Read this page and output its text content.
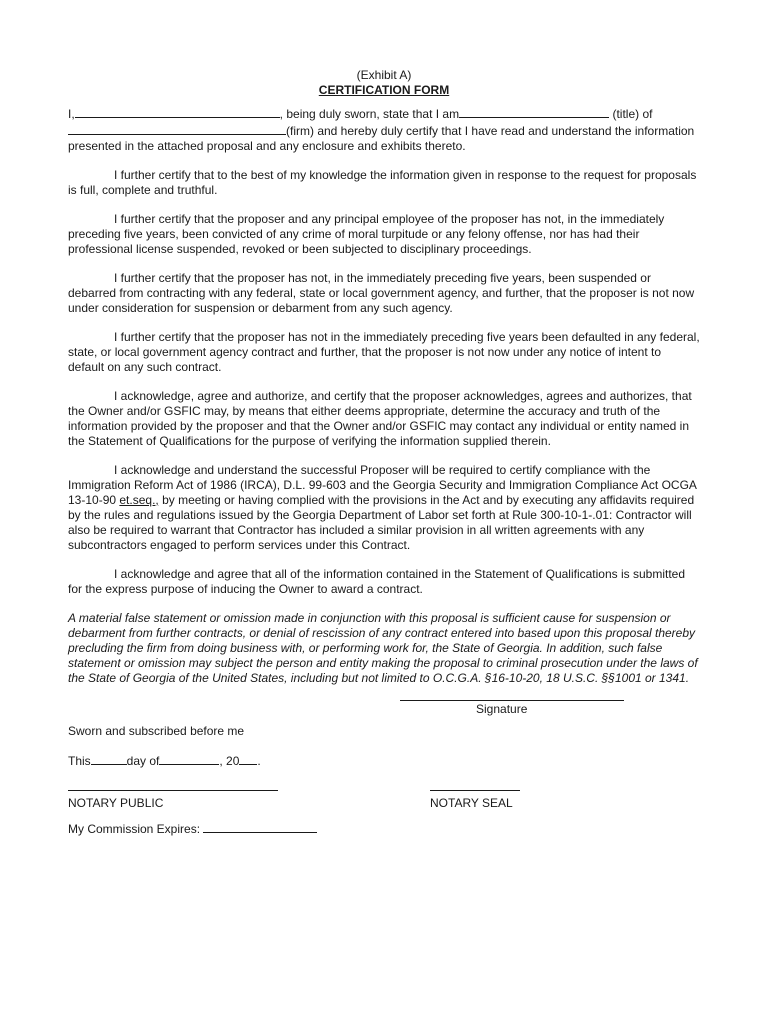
(Exhibit A)

CERTIFICATION FORM

I,	, being duly sworn, state that I am	(title) of
(firm) and hereby duly certify that I have read and understand the information presented in the attached proposal and any enclosure and exhibits thereto.

I further certify that to the best of my knowledge the information given in response to the request for proposals is full, complete and truthful.

I further certify that the proposer and any principal employee of the proposer has not, in the immediately preceding five years, been convicted of any crime of moral turpitude or any felony offense, nor has had their professional license suspended, revoked or been subjected to disciplinary proceedings.

I further certify that the proposer has not, in the immediately preceding five years, been suspended or debarred from contracting with any federal, state or local government agency, and further, that the proposer is not now under consideration for suspension or debarment from any such agency.

I further certify that the proposer has not in the immediately preceding five years been defaulted in any federal, state, or local government agency contract and further, that the proposer is not now under any notice of intent to default on any such contract.

I acknowledge, agree and authorize, and certify that the proposer acknowledges, agrees and authorizes, that the Owner and/or GSFIC may, by means that either deems appropriate, determine the accuracy and truth of the information provided by the proposer and that the Owner and/or GSFIC may contact any individual or entity named in the Statement of Qualifications for the purpose of verifying the information supplied therein.

I acknowledge and understand the successful Proposer will be required to certify compliance with the Immigration Reform Act of 1986 (IRCA), D.L. 99-603 and the Georgia Security and Immigration Compliance Act OCGA 13-10-90 et.seq., by meeting or having complied with the provisions in the Act and by executing any affidavits required by the rules and regulations issued by the Georgia Department of Labor set forth at Rule 300-10-1-.01: Contractor will also be required to warrant that Contractor has included a similar provision in all written agreements with any subcontractors engaged to perform services under this Contract.

I acknowledge and agree that all of the information contained in the Statement of Qualifications is submitted for the express purpose of inducing the Owner to award a contract.

A material false statement or omission made in conjunction with this proposal is sufficient cause for suspension or debarment from further contracts, or denial of rescission of any contract entered into based upon this proposal thereby precluding the firm from doing business with, or performing work for, the State of Georgia. In addition, such false statement or omission may subject the person and entity making the proposal to criminal prosecution under the laws of the State of Georgia of the United States, including but not limited to O.C.G.A. §16-10-20, 18 U.S.C. §§1001 or 1341.

Signature
Sworn and subscribed before me

This	day of	, 20 .

NOTARY PUBLIC	NOTARY SEAL

My Commission Expires:
